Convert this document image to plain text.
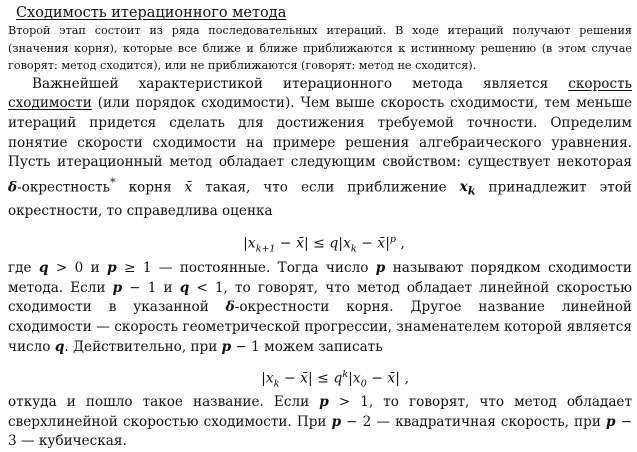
Сходимость итерационного метода

Второй этап состоит из ряда последовательных итераций. В ходе итераций получают решения (значения корня), которые все ближе и ближе приближаются к истинному решению (в этом случае говорят: метод сходится), или не приближаются (говорят: метод не сходится).

Важнейшей характеристикой итерационного метода является скорость сходимости (или порядок сходимости). Чем выше скорость сходимости, тем меньше итераций придется сделать для достижения требуемой точности. Определим понятие скорости сходимости на примере решения алгебраического уравнения. Пусть итерационный метод обладает следующим свойством: существует некоторая δ-окрестность* корня x̄ такая, что если приближение $x_k$ принадлежит этой окрестности, то справедлива оценка

$|x_{k+1}$ − x̄| ≤ $q|x_k$ − $x̄|^p$ ,

где q > 0 и p ≥ 1 — постоянные. Тогда число p называют порядком сходимости метода. Если p − 1 и q < 1, то говорят, что метод обладает линейной скоростью сходимости в указанной δ-окрестности корня. Другое название линейной сходимости — скорость геометрической прогрессии, знаменателем которой является число q. Действительно, при p − 1 можем записать

$|x_k$ − x̄| ≤ $q^k|x_0$ − x̄| ,

откуда и пошло такое название. Если p > 1, то говорят, что метод обладает сверхлинейной скоростью сходимости. При p − 2 — квадратичная скорость, при p − 3 — кубическая.
